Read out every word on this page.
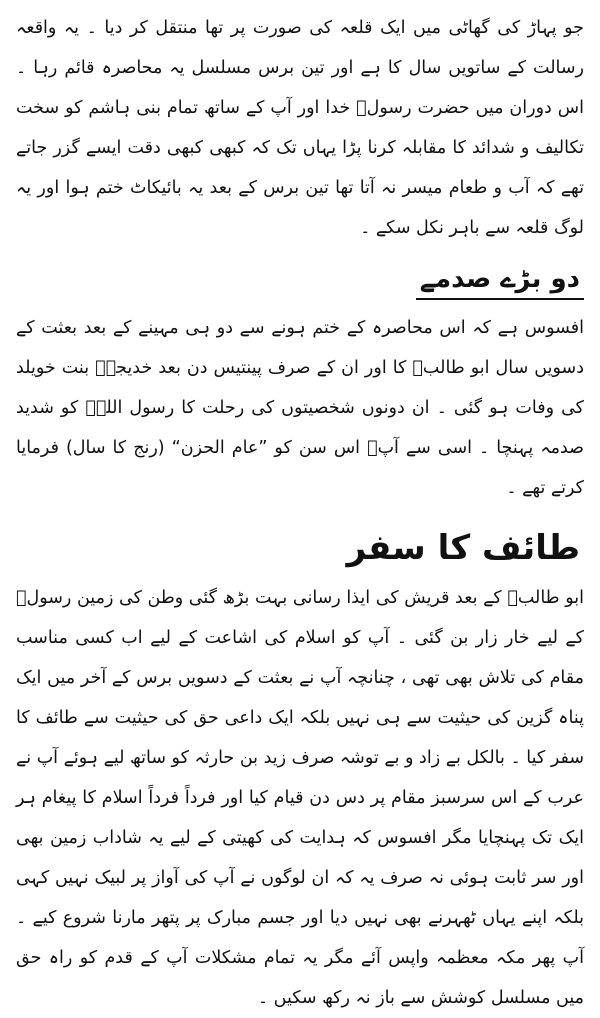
جو پہاڑ کی گھاٹی میں ایک قلعہ کی صورت پر تھا منتقل کر دیا ۔ یہ واقعہ رسالت کے ساتویں سال کا ہے اور تین برس مسلسل یہ محاصرہ قائم رہا ۔ اس دوران میں حضرت رسولؐ خدا اور آپ کے ساتھ تمام بنی ہاشم کو سخت تکالیف و شدائد کا مقابلہ کرنا پڑا یہاں تک کہ کبھی کبھی دقت ایسے گزر جاتے تھے کہ آب و طعام میسر نہ آتا تھا تین برس کے بعد یہ بائیکاٹ ختم ہوا اور یہ لوگ قلعہ سے باہر نکل سکے ۔

دو بڑے صدمے

افسوس ہے کہ اس محاصرہ کے ختم ہونے سے دو ہی مہینے کے بعد بعثت کے دسویں سال ابو طالبؑ کا اور ان کے صرف پینتیس دن بعد خدیجہؑ بنت خویلد کی وفات ہو گئی ۔ ان دونوں شخصیتوں کی رحلت کا رسول اللہؐ کو شدید صدمہ پہنچا ۔ اسی سے آپؐ اس سن کو ”عام الحزن“ (رنج کا سال) فرمایا کرتے تھے ۔

طائف کا سفر

ابو طالبؑ کے بعد قریش کی ایذا رسانی بہت بڑھ گئی وطن کی زمین رسولؐ کے لیے خار زار بن گئی ۔ آپ کو اسلام کی اشاعت کے لیے اب کسی مناسب مقام کی تلاش بھی تھی ، چنانچہ آپ نے بعثت کے دسویں برس کے آخر میں ایک پناہ گزین کی حیثیت سے ہی نہیں بلکہ ایک داعی حق کی حیثیت سے طائف کا سفر کیا ۔ بالکل بے زاد و بے توشہ صرف زید بن حارثہ کو ساتھ لیے ہوئے آپ نے عرب کے اس سرسبز مقام پر دس دن قیام کیا اور فرداً فرداً اسلام کا پیغام ہر ایک تک پہنچایا مگر افسوس کہ ہدایت کی کھیتی کے لیے یہ شاداب زمین بھی اور سر ثابت ہوئی نہ صرف یہ کہ ان لوگوں نے آپ کی آواز پر لبیک نہیں کہی بلکہ اپنے یہاں ٹھہرنے بھی نہیں دیا اور جسم مبارک پر پتھر مارنا شروع کیے ۔ آپ پھر مکہ معظمہ واپس آئے مگر یہ تمام مشکلات آپ کے قدم کو راہ حق میں مسلسل کوشش سے باز نہ رکھ سکیں ۔
